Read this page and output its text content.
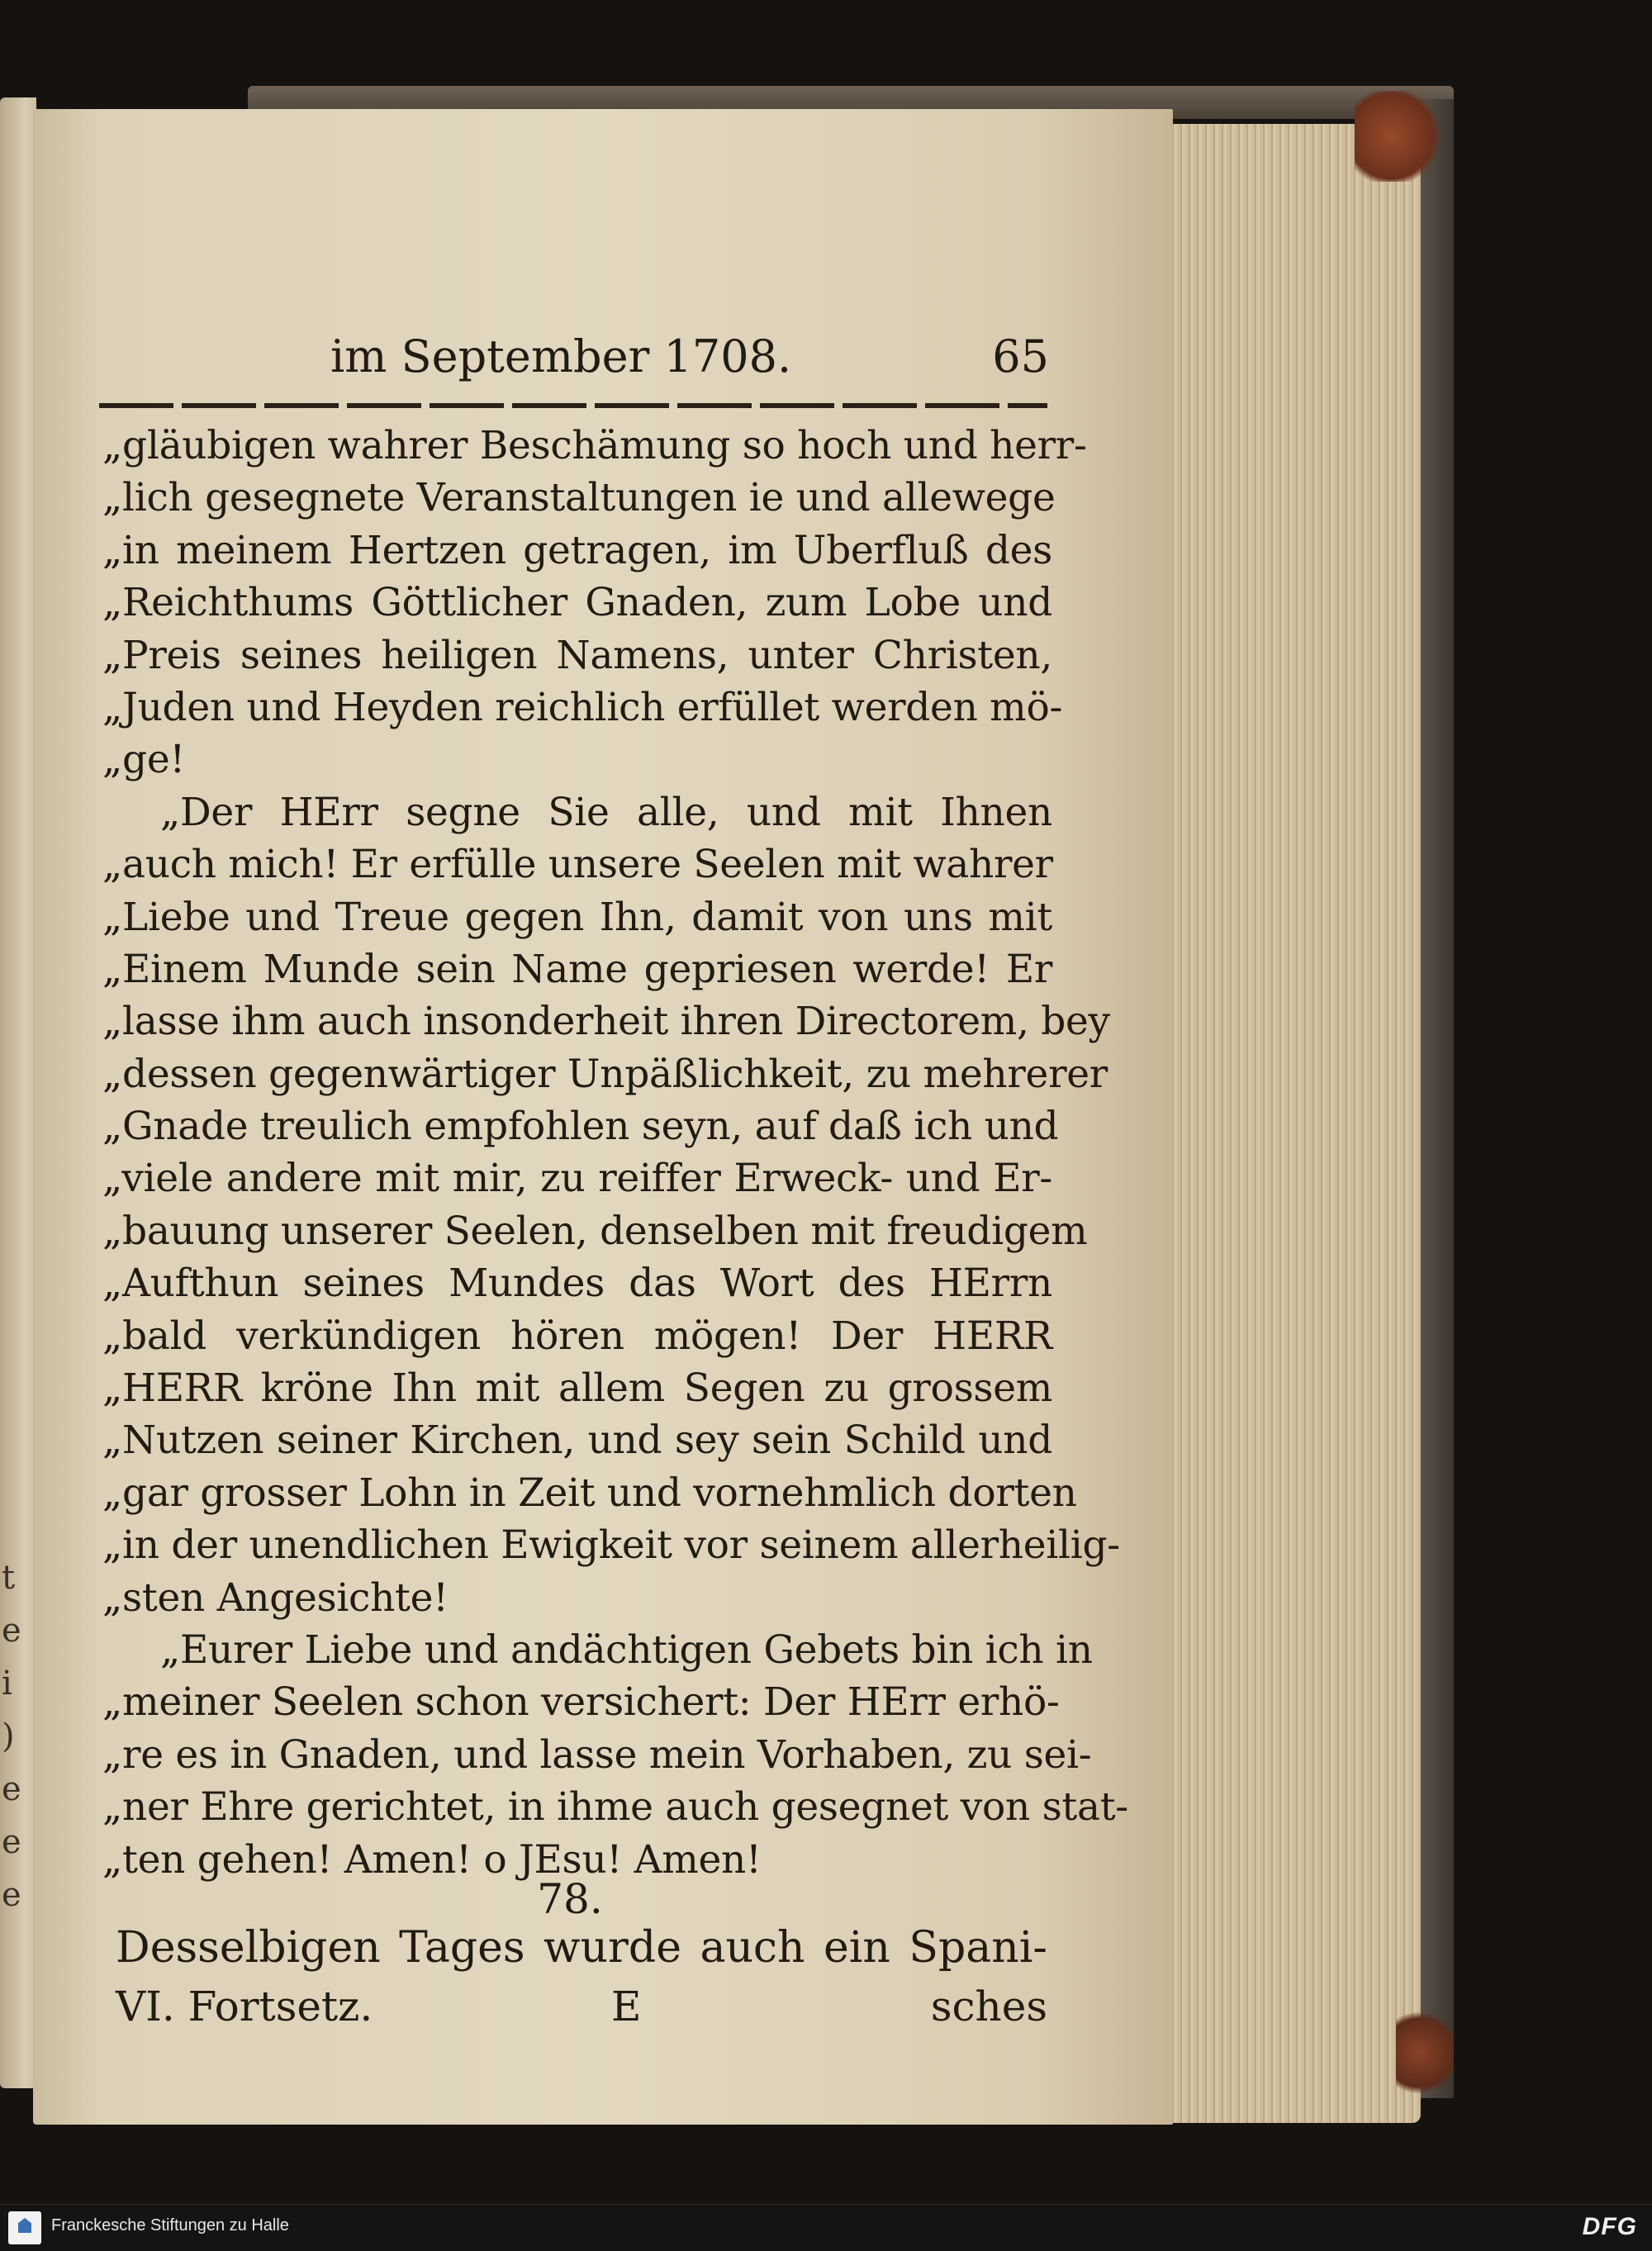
t
e
i
)
e
e
e
im September 1708.	65
„gläubigen wahrer Beschämung so hoch und herr-
„lich gesegnete Veranstaltungen ie und allewege
„in meinem Hertzen getragen, im Uberfluß des
„Reichthums Göttlicher Gnaden, zum Lobe und
„Preis seines heiligen Namens, unter Christen,
„Juden und Heyden reichlich erfüllet werden mö-
„ge!
„Der HErr segne Sie alle, und mit Ihnen
„auch mich! Er erfülle unsere Seelen mit wahrer
„Liebe und Treue gegen Ihn, damit von uns mit
„Einem Munde sein Name gepriesen werde! Er
„lasse ihm auch insonderheit ihren Directorem, bey
„dessen gegenwärtiger Unpäßlichkeit, zu mehrerer
„Gnade treulich empfohlen seyn, auf daß ich und
„viele andere mit mir, zu reiffer Erweck- und Er-
„bauung unserer Seelen, denselben mit freudigem
„Aufthun seines Mundes das Wort des HErrn
„bald verkündigen hören mögen! Der HERR
„HERR kröne Ihn mit allem Segen zu grossem
„Nutzen seiner Kirchen, und sey sein Schild und
„gar grosser Lohn in Zeit und vornehmlich dorten
„in der unendlichen Ewigkeit vor seinem allerheilig-
„sten Angesichte!
„Eurer Liebe und andächtigen Gebets bin ich in
„meiner Seelen schon versichert: Der HErr erhö-
„re es in Gnaden, und lasse mein Vorhaben, zu sei-
„ner Ehre gerichtet, in ihme auch gesegnet von stat-
„ten gehen! Amen! o JEsu! Amen!
78.
Desselbigen Tages wurde auch ein Spani-
VI. Fortsetz.	E	sches
Franckesche Stiftungen zu Halle	DFG
